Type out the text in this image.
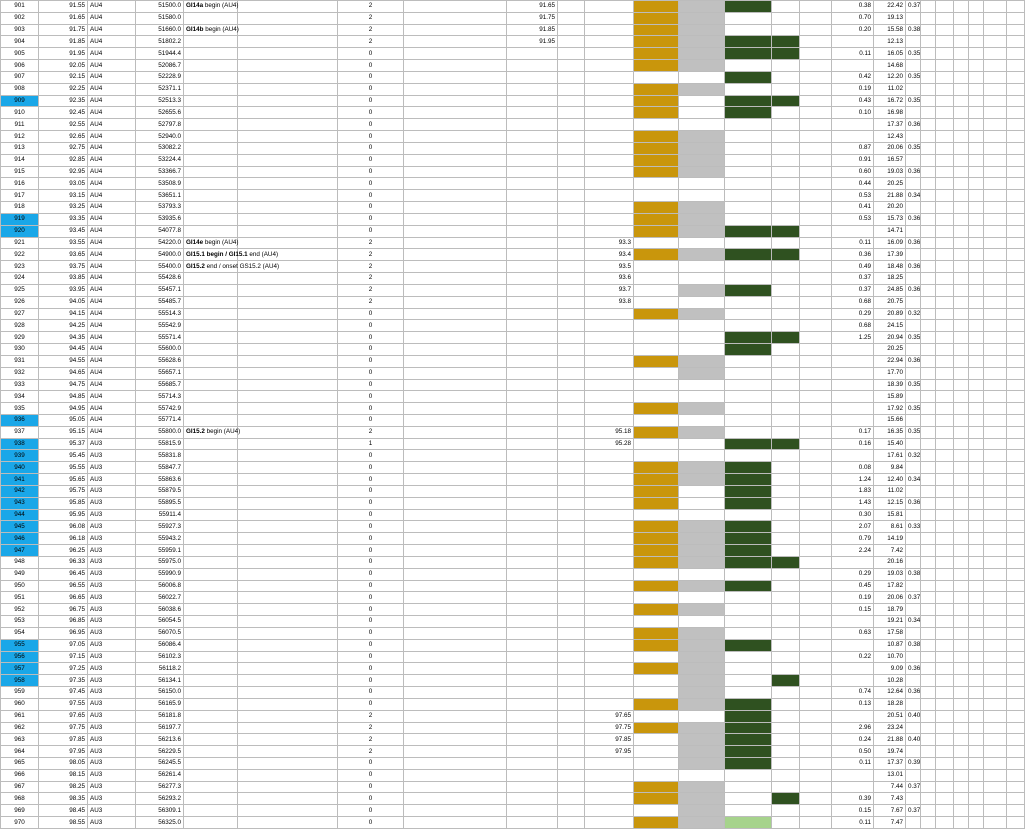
901	91.55	AU4	51500.0	GI14a begin (AU4)		2		91.65								0.38	22.42	0.37							
902	91.65	AU4	51580.0			2		91.75								0.70	19.13								
903	91.75	AU4	51660.0	GI14b begin (AU4)		2		91.85								0.20	15.58	0.38							
904	91.85	AU4	51802.2			2		91.95									12.13								
905	91.95	AU4	51944.4			0										0.11	16.05	0.35							
906	92.05	AU4	52086.7			0											14.68								
907	92.15	AU4	52228.9			0										0.42	12.20	0.35							
908	92.25	AU4	52371.1			0										0.19	11.02								
909	92.35	AU4	52513.3			0										0.43	16.72	0.35							
910	92.45	AU4	52655.6			0										0.10	16.98								
911	92.55	AU4	52797.8			0											17.37	0.36							
912	92.65	AU4	52940.0			0											12.43								
913	92.75	AU4	53082.2			0										0.87	20.06	0.35							
914	92.85	AU4	53224.4			0										0.91	16.57								
915	92.95	AU4	53366.7			0										0.60	19.03	0.36							
916	93.05	AU4	53508.9			0										0.44	20.25								
917	93.15	AU4	53651.1			0										0.53	21.88	0.34							
918	93.25	AU4	53793.3			0										0.41	20.20								
919	93.35	AU4	53935.6			0										0.53	15.73	0.36							
920	93.45	AU4	54077.8			0											14.71								
921	93.55	AU4	54220.0	GI14e begin (AU4)		2				93.3						0.11	16.09	0.36							
922	93.65	AU4	54900.0	GI15.1 begin / GI15.1 end (AU4)		2				93.4						0.36	17.39								
923	93.75	AU4	55400.0	GI15.2 end / onset GS15.2 (AU4)		2				93.5						0.49	18.48	0.36							
924	93.85	AU4	55428.6			2				93.6						0.37	18.25								
925	93.95	AU4	55457.1			2				93.7						0.37	24.85	0.36							
926	94.05	AU4	55485.7			2				93.8						0.68	20.75								
927	94.15	AU4	55514.3			0										0.29	20.89	0.32							
928	94.25	AU4	55542.9			0										0.68	24.15								
929	94.35	AU4	55571.4			0										1.25	20.94	0.35							
930	94.45	AU4	55600.0			0											20.25								
931	94.55	AU4	55628.6			0											22.94	0.36							
932	94.65	AU4	55657.1			0											17.70								
933	94.75	AU4	55685.7			0											18.39	0.35							
934	94.85	AU4	55714.3			0											15.89								
935	94.95	AU4	55742.9			0											17.92	0.35							
936	95.05	AU4	55771.4			0											15.66								
937	95.15	AU4	55800.0	GI15.2 begin (AU4)		2				95.18						0.17	16.35	0.35							
938	95.37	AU3	55815.9			1				95.28						0.16	15.40								
939	95.45	AU3	55831.8			0											17.61	0.32							
940	95.55	AU3	55847.7			0										0.08	9.84								
941	95.65	AU3	55863.6			0										1.24	12.40	0.34							
942	95.75	AU3	55879.5			0										1.83	11.02								
943	95.85	AU3	55895.5			0										1.43	12.15	0.36							
944	95.95	AU3	55911.4			0										0.30	15.81								
945	96.08	AU3	55927.3			0										2.07	8.61	0.33							
946	96.18	AU3	55943.2			0										0.79	14.19								
947	96.25	AU3	55959.1			0										2.24	7.42								
948	96.33	AU3	55975.0			0											20.16								
949	96.45	AU3	55990.9			0										0.29	19.03	0.38							
950	96.55	AU3	56006.8			0										0.45	17.82								
951	96.65	AU3	56022.7			0										0.19	20.06	0.37							
952	96.75	AU3	56038.6			0										0.15	18.79								
953	96.85	AU3	56054.5			0											19.21	0.34							
954	96.95	AU3	56070.5			0										0.63	17.58								
955	97.05	AU3	56086.4			0											10.87	0.38							
956	97.15	AU3	56102.3			0										0.22	10.70								
957	97.25	AU3	56118.2			0											9.09	0.36							
958	97.35	AU3	56134.1			0											10.28								
959	97.45	AU3	56150.0			0										0.74	12.64	0.36							
960	97.55	AU3	56165.9			0										0.13	18.28								
961	97.65	AU3	56181.8			2				97.65							20.51	0.40							
962	97.75	AU3	56197.7			2				97.75						2.96	23.24								
963	97.85	AU3	56213.6			2				97.85						0.24	21.88	0.40							
964	97.95	AU3	56229.5			2				97.95						0.50	19.74								
965	98.05	AU3	56245.5			0										0.11	17.37	0.39							
966	98.15	AU3	56261.4			0											13.01								
967	98.25	AU3	56277.3			0											7.44	0.37							
968	98.35	AU3	56293.2			0										0.39	7.43								
969	98.45	AU3	56309.1			0										0.15	7.67	0.37							
970	98.55	AU3	56325.0			0										0.11	7.47								
